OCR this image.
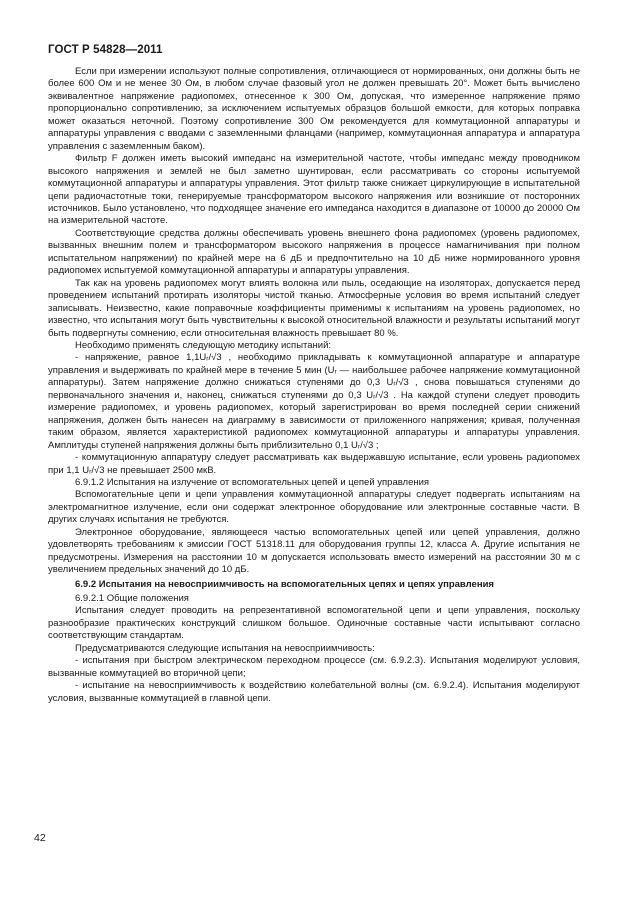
ГОСТ Р 54828—2011

Если при измерении используют полные сопротивления, отличающиеся от нормированных, они должны быть не более 600 Ом и не менее 30 Ом, в любом случае фазовый угол не должен превышать 20°. Может быть вычислено эквивалентное напряжение радиопомех, отнесенное к 300 Ом, допуская, что измеренное напряжение прямо пропорционально сопротивлению, за исключением испытуемых образцов большой емкости, для которых поправка может оказаться неточной. Поэтому сопротивление 300 Ом рекомендуется для коммутационной аппаратуры и аппаратуры управления с вводами с заземленными фланцами (например, коммутационная аппаратура и аппаратура управления с заземленным баком).

Фильтр F должен иметь высокий импеданс на измерительной частоте, чтобы импеданс между проводником высокого напряжения и землей не был заметно шунтирован, если рассматривать со стороны испытуемой коммутационной аппаратуры и аппаратуры управления. Этот фильтр также снижает циркулирующие в испытательной цепи радиочастотные токи, генерируемые трансформатором высокого напряжения или возникшие от посторонних источников. Было установлено, что подходящее значение его импеданса находится в диапазоне от 10000 до 20000 Ом на измерительной частоте.

Соответствующие средства должны обеспечивать уровень внешнего фона радиопомех (уровень радиопомех, вызванных внешним полем и трансформатором высокого напряжения в процессе намагничивания при полном испытательном напряжении) по крайней мере на 6 дБ и предпочтительно на 10 дБ ниже нормированного уровня радиопомех испытуемой коммутационной аппаратуры и аппаратуры управления.

Так как на уровень радиопомех могут влиять волокна или пыль, оседающие на изоляторах, допускается перед проведением испытаний протирать изоляторы чистой тканью. Атмосферные условия во время испытаний следует записывать. Неизвестно, какие поправочные коэффициенты применимы к испытаниям на уровень радиопомех, но известно, что испытания могут быть чувствительны к высокой относительной влажности и результаты испытаний могут быть подвергнуты сомнению, если относительная влажность превышает 80 %.

Необходимо применять следующую методику испытаний:

- напряжение, равное 1,1Uᵣ/√3 , необходимо прикладывать к коммутационной аппаратуре и аппаратуре управления и выдерживать по крайней мере в течение 5 мин (Uᵣ — наибольшее рабочее напряжение коммутационной аппаратуры). Затем напряжение должно снижаться ступенями до 0,3 Uᵣ/√3 , снова повышаться ступенями до первоначального значения и, наконец, снижаться ступенями до 0,3 Uᵣ/√3 . На каждой ступени следует проводить измерение радиопомех, и уровень радиопомех, который зарегистрирован во время последней серии снижений напряжения, должен быть нанесен на диаграмму в зависимости от приложенного напряжения; кривая, полученная таким образом, является характеристикой радиопомех коммутационной аппаратуры и аппаратуры управления. Амплитуды ступеней напряжения должны быть приблизительно 0,1 Uᵣ/√3 ;

- коммутационную аппаратуру следует рассматривать как выдержавшую испытание, если уровень радиопомех при 1,1 Uᵣ/√3 не превышает 2500 мкВ.

6.9.1.2 Испытания на излучение от вспомогательных цепей и цепей управления

Вспомогательные цепи и цепи управления коммутационной аппаратуры следует подвергать испытаниям на электромагнитное излучение, если они содержат электронное оборудование или электронные составные части. В других случаях испытания не требуются.

Электронное оборудование, являющееся частью вспомогательных цепей или цепей управления, должно удовлетворять требованиям к эмиссии ГОСТ 51318.11 для оборудования группы 12, класса А. Другие испытания не предусмотрены. Измерения на расстоянии 10 м допускается использовать вместо измерений на расстоянии 30 м с увеличением предельных значений до 10 дБ.

6.9.2 Испытания на невосприимчивость на вспомогательных цепях и цепях управления

6.9.2.1 Общие положения

Испытания следует проводить на репрезентативной вспомогательной цепи и цепи управления, поскольку разнообразие практических конструкций слишком большое. Одиночные составные части испытывают согласно соответствующим стандартам.

Предусматриваются следующие испытания на невосприимчивость:

- испытания при быстром электрическом переходном процессе (см. 6.9.2.3). Испытания моделируют условия, вызванные коммутацией во вторичной цепи;

- испытание на невосприимчивость к воздействию колебательной волны (см. 6.9.2.4). Испытания моделируют условия, вызванные коммутацией в главной цепи.

42
